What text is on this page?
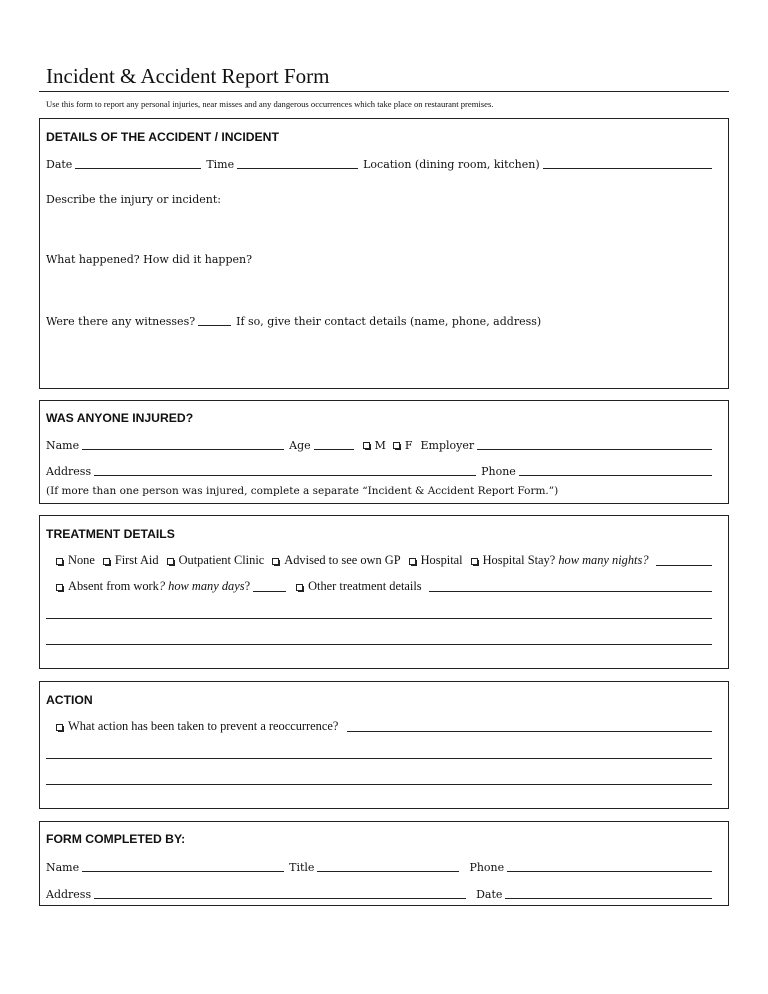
Incident & Accident Report Form
Use this form to report any personal injuries, near misses and any dangerous occurrences which take place on restaurant premises.
DETAILS OF THE ACCIDENT / INCIDENT
Date	Time	Location (dining room, kitchen)
Describe the injury or incident:
What happened? How did it happen?
Were there any witnesses?	If so, give their contact details (name, phone, address)
WAS ANYONE INJURED?
Name	Age	M F Employer
Address	Phone
(If more than one person was injured, complete a separate “Incident & Accident Report Form.”)
TREATMENT DETAILS
None First Aid Outpatient Clinic Advised to see own GP Hospital Hospital Stay?
how many nights?
Absent from work ? how many days ?	Other treatment details
ACTION
What action has been taken to prevent a reoccurrence?
FORM COMPLETED BY:
Name	Title	Phone
Address	Date
